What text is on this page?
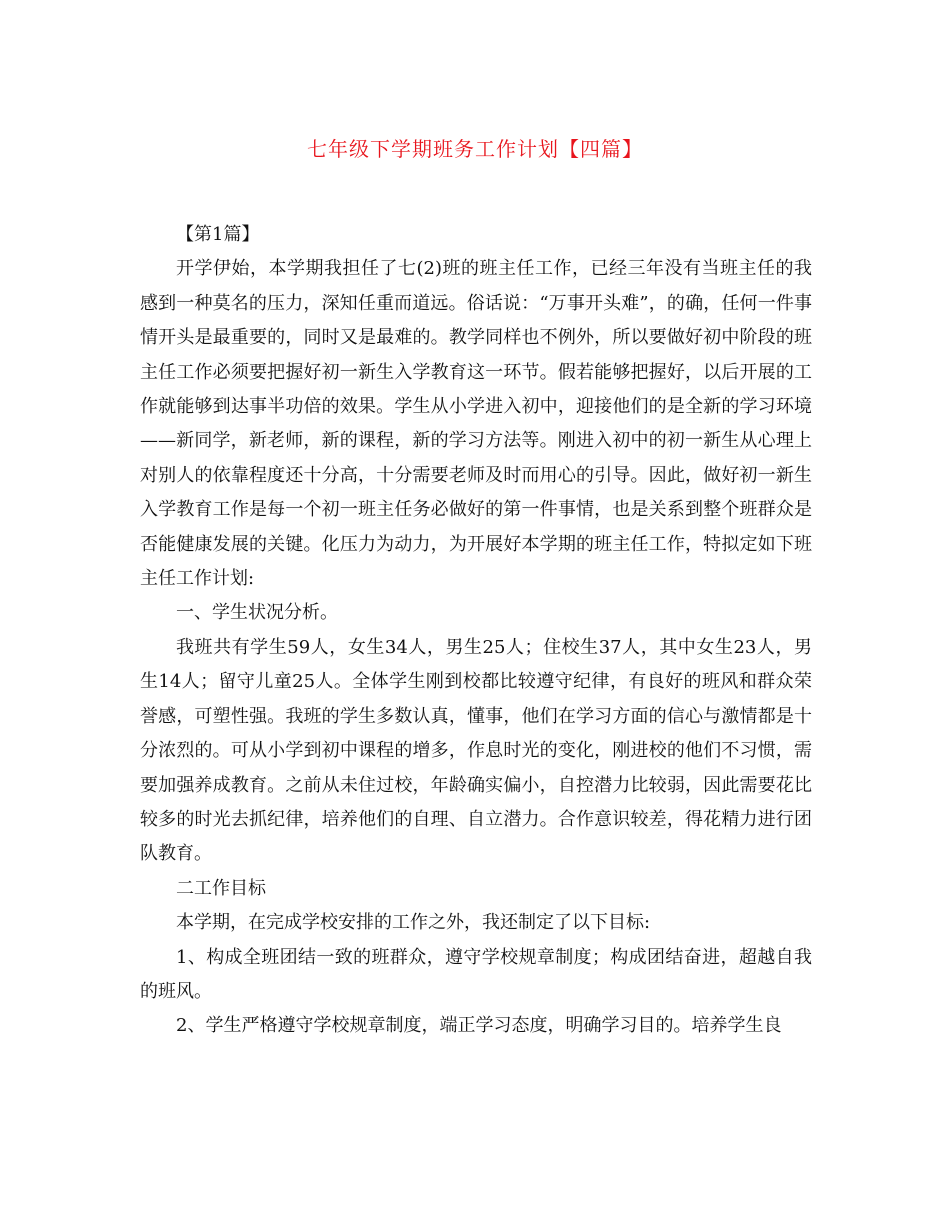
七年级下学期班务工作计划【四篇】

【第1篇】

开学伊始，本学期我担任了七(2)班的班主任工作，已经三年没有当班主任的我感到一种莫名的压力，深知任重而道远。俗话说：“万事开头难”，的确，任何一件事情开头是最重要的，同时又是最难的。教学同样也不例外，所以要做好初中阶段的班主任工作必须要把握好初一新生入学教育这一环节。假若能够把握好，以后开展的工作就能够到达事半功倍的效果。学生从小学进入初中，迎接他们的是全新的学习环境——新同学，新老师，新的课程，新的学习方法等。刚进入初中的初一新生从心理上对别人的依靠程度还十分高，十分需要老师及时而用心的引导。因此，做好初一新生入学教育工作是每一个初一班主任务必做好的第一件事情，也是关系到整个班群众是否能健康发展的关键。化压力为动力，为开展好本学期的班主任工作，特拟定如下班主任工作计划:

一、学生状况分析。

我班共有学生59人，女生34人，男生25人；住校生37人，其中女生23人，男生14人；留守儿童25人。全体学生刚到校都比较遵守纪律，有良好的班风和群众荣誉感，可塑性强。我班的学生多数认真，懂事，他们在学习方面的信心与激情都是十分浓烈的。可从小学到初中课程的增多，作息时光的变化，刚进校的他们不习惯，需要加强养成教育。之前从未住过校，年龄确实偏小，自控潜力比较弱，因此需要花比较多的时光去抓纪律，培养他们的自理、自立潜力。合作意识较差，得花精力进行团队教育。

二工作目标

本学期，在完成学校安排的工作之外，我还制定了以下目标:

1、构成全班团结一致的班群众，遵守学校规章制度；构成团结奋进，超越自我的班风。

2、学生严格遵守学校规章制度，端正学习态度，明确学习目的。培养学生良
